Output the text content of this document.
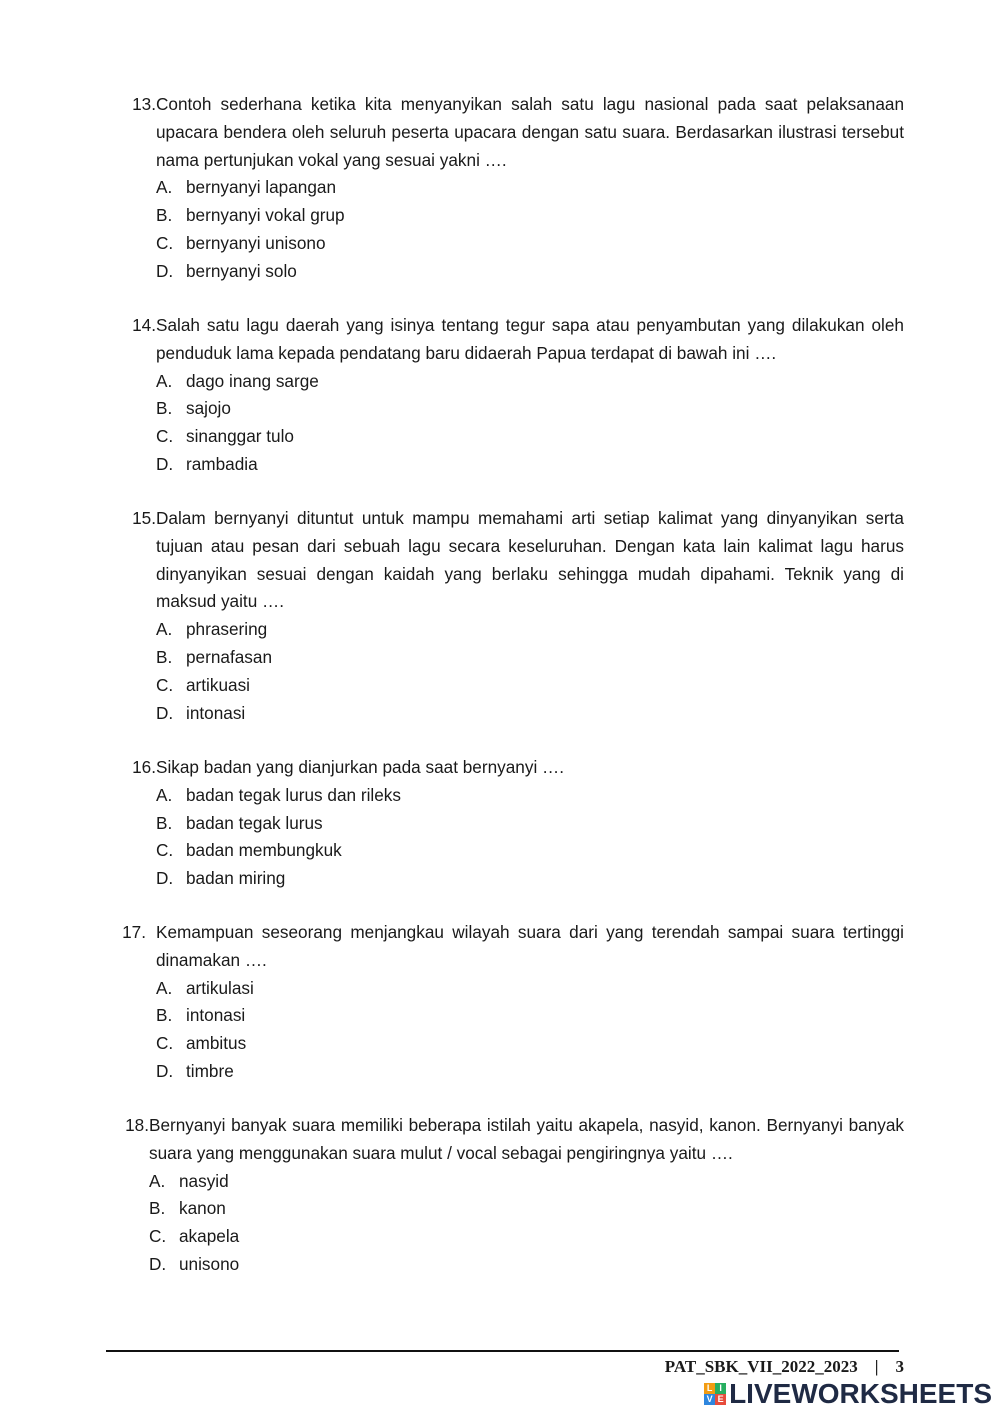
13. Contoh sederhana ketika kita menyanyikan salah satu lagu nasional pada saat pelaksanaan upacara bendera oleh seluruh peserta upacara dengan satu suara. Berdasarkan ilustrasi tersebut nama pertunjukan vokal yang sesuai yakni ….
A. bernyanyi lapangan
B. bernyanyi vokal grup
C. bernyanyi unisono
D. bernyanyi solo
14. Salah satu lagu daerah yang isinya tentang tegur sapa atau penyambutan yang dilakukan oleh penduduk lama kepada pendatang baru didaerah Papua terdapat di bawah ini ….
A. dago inang sarge
B. sajojo
C. sinanggar tulo
D. rambadia
15. Dalam bernyanyi dituntut untuk mampu memahami arti setiap kalimat yang dinyanyikan serta tujuan atau pesan dari sebuah lagu secara keseluruhan. Dengan kata lain kalimat lagu harus dinyanyikan sesuai dengan kaidah yang berlaku sehingga mudah dipahami. Teknik yang di maksud yaitu ….
A. phrasering
B. pernafasan
C. artikuasi
D. intonasi
16. Sikap badan yang dianjurkan pada saat bernyanyi ….
A. badan tegak lurus dan rileks
B. badan tegak lurus
C. badan membungkuk
D. badan miring
17. Kemampuan seseorang menjangkau wilayah suara dari yang terendah sampai suara tertinggi dinamakan ….
A. artikulasi
B. intonasi
C. ambitus
D. timbre
18. Bernyanyi banyak suara memiliki beberapa istilah yaitu akapela, nasyid, kanon. Bernyanyi banyak suara yang menggunakan suara mulut / vocal sebagai pengiringnya yaitu ….
A. nasyid
B. kanon
C. akapela
D. unisono
PAT_SBK_VII_2022_2023 | 3
L I
V E LIVEWORKSHEETS
